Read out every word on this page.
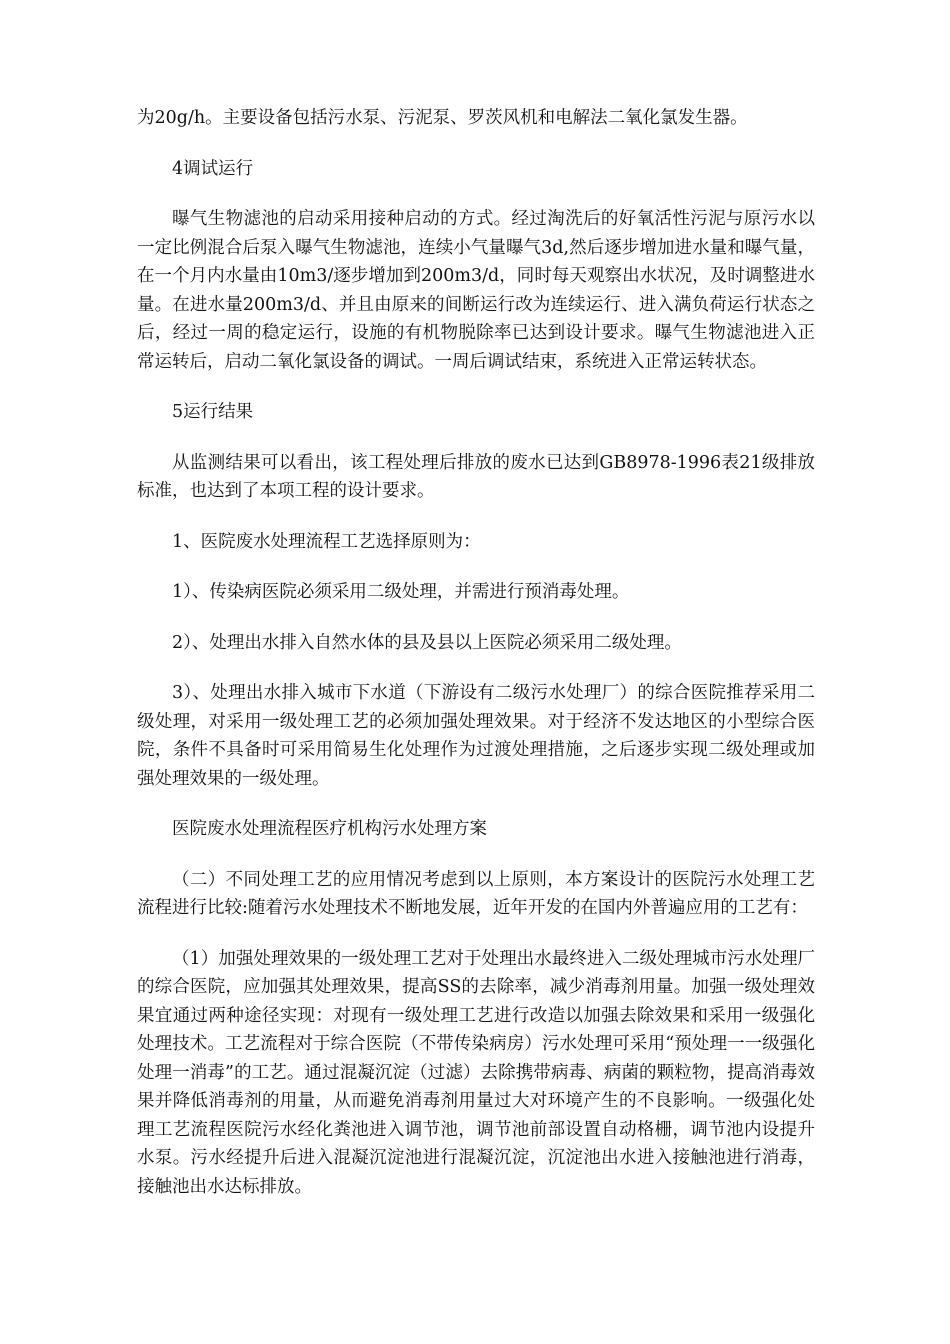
为20g/h。主要设备包括污水泵、污泥泵、罗茨风机和电解法二氧化氯发生器。

4调试运行

曝气生物滤池的启动采用接种启动的方式。经过淘洗后的好氧活性污泥与原污水以一定比例混合后泵入曝气生物滤池，连续小气量曝气3d,然后逐步增加进水量和曝气量，在一个月内水量由10m3/逐步增加到200m3/d，同时每天观察出水状况，及时调整进水量。在进水量200m3/d、并且由原来的间断运行改为连续运行、进入满负荷运行状态之后，经过一周的稳定运行，设施的有机物脱除率已达到设计要求。曝气生物滤池进入正常运转后，启动二氧化氯设备的调试。一周后调试结束，系统进入正常运转状态。

5运行结果

从监测结果可以看出，该工程处理后排放的废水已达到GB8978-1996表21级排放标准，也达到了本项工程的设计要求。

1、医院废水处理流程工艺选择原则为：

1）、传染病医院必须采用二级处理，并需进行预消毒处理。

2）、处理出水排入自然水体的县及县以上医院必须采用二级处理。

3）、处理出水排入城市下水道（下游设有二级污水处理厂）的综合医院推荐采用二级处理，对采用一级处理工艺的必须加强处理效果。对于经济不发达地区的小型综合医院，条件不具备时可采用简易生化处理作为过渡处理措施，之后逐步实现二级处理或加强处理效果的一级处理。

医院废水处理流程医疗机构污水处理方案

（二）不同处理工艺的应用情况考虑到以上原则，本方案设计的医院污水处理工艺流程进行比较:随着污水处理技术不断地发展，近年开发的在国内外普遍应用的工艺有：

（1）加强处理效果的一级处理工艺对于处理出水最终进入二级处理城市污水处理厂的综合医院，应加强其处理效果，提高SS的去除率，减少消毒剂用量。加强一级处理效果宜通过两种途径实现：对现有一级处理工艺进行改造以加强去除效果和采用一级强化处理技术。工艺流程对于综合医院（不带传染病房）污水处理可采用“预处理一一级强化处理一消毒”的工艺。通过混凝沉淀（过滤）去除携带病毒、病菌的颗粒物，提高消毒效果并降低消毒剂的用量，从而避免消毒剂用量过大对环境产生的不良影响。一级强化处理工艺流程医院污水经化粪池进入调节池，调节池前部设置自动格栅，调节池内设提升水泵。污水经提升后进入混凝沉淀池进行混凝沉淀，沉淀池出水进入接触池进行消毒，接触池出水达标排放。
